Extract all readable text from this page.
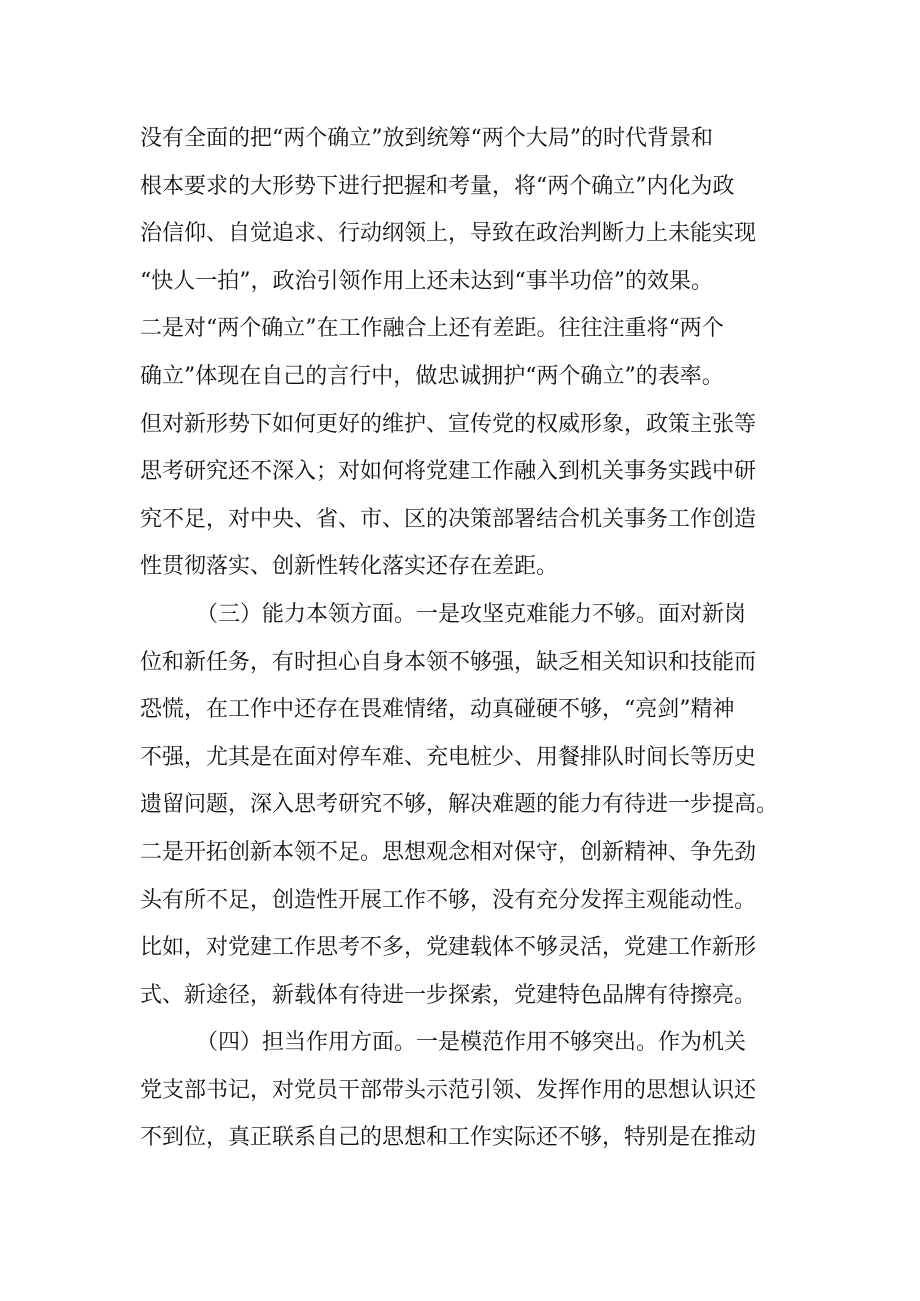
没有全面的把“两个确立”放到统筹“两个大局”的时代背景和
根本要求的大形势下进行把握和考量，将“两个确立”内化为政
治信仰、自觉追求、行动纲领上，导致在政治判断力上未能实现
“快人一拍”，政治引领作用上还未达到“事半功倍”的效果。
二是对“两个确立”在工作融合上还有差距。往往注重将“两个
确立”体现在自己的言行中，做忠诚拥护“两个确立”的表率。
但对新形势下如何更好的维护、宣传党的权威形象，政策主张等
思考研究还不深入；对如何将党建工作融入到机关事务实践中研
究不足，对中央、省、市、区的决策部署结合机关事务工作创造
性贯彻落实、创新性转化落实还存在差距。
（三）能力本领方面。一是攻坚克难能力不够。面对新岗
位和新任务，有时担心自身本领不够强，缺乏相关知识和技能而
恐慌，在工作中还存在畏难情绪，动真碰硬不够，“亮剑”精神
不强，尤其是在面对停车难、充电桩少、用餐排队时间长等历史
遗留问题，深入思考研究不够，解决难题的能力有待进一步提高。
二是开拓创新本领不足。思想观念相对保守，创新精神、争先劲
头有所不足，创造性开展工作不够，没有充分发挥主观能动性。
比如，对党建工作思考不多，党建载体不够灵活，党建工作新形
式、新途径，新载体有待进一步探索，党建特色品牌有待擦亮。
（四）担当作用方面。一是模范作用不够突出。作为机关
党支部书记，对党员干部带头示范引领、发挥作用的思想认识还
不到位，真正联系自己的思想和工作实际还不够，特别是在推动
